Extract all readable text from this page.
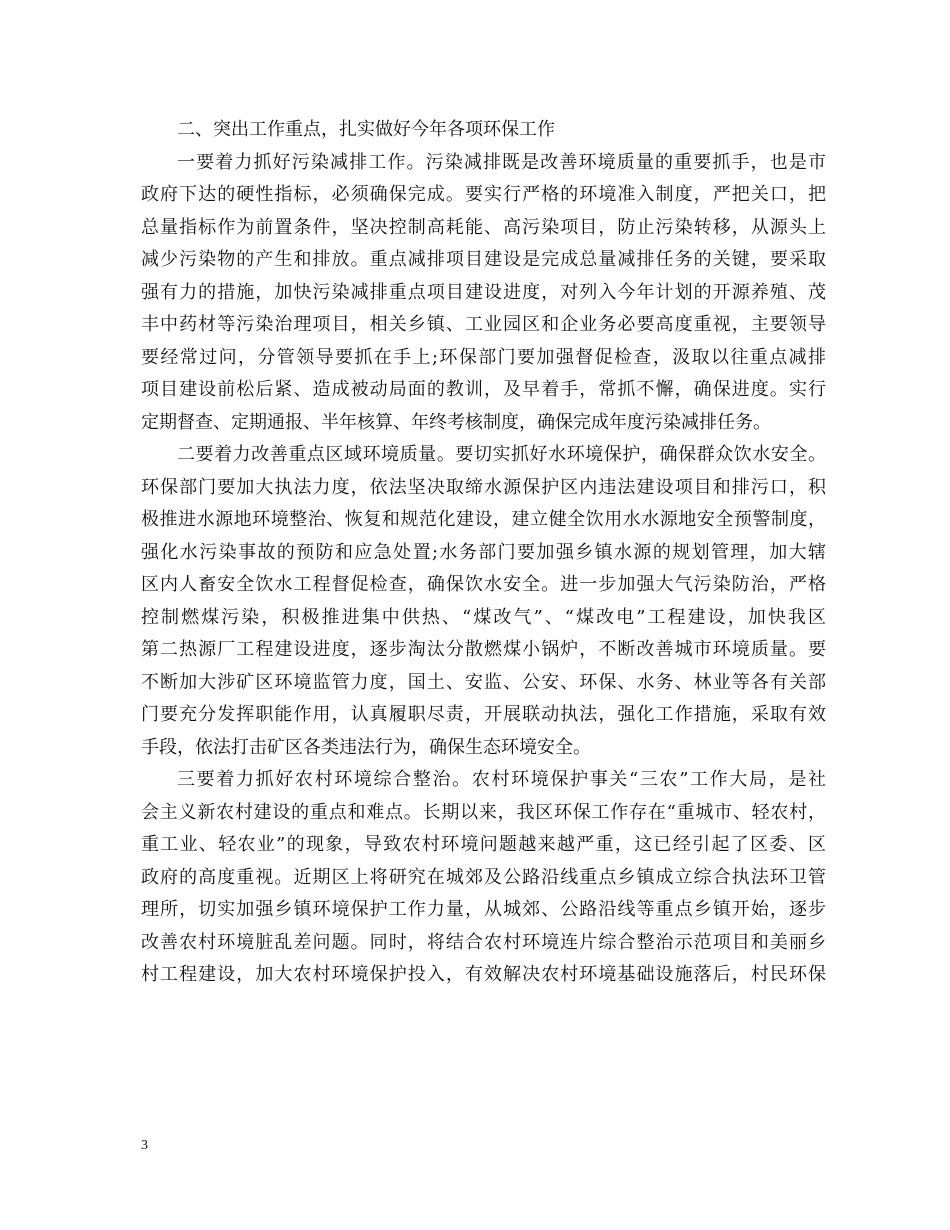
二、突出工作重点，扎实做好今年各项环保工作

一要着力抓好污染减排工作。污染减排既是改善环境质量的重要抓手，也是市

政府下达的硬性指标，必须确保完成。要实行严格的环境准入制度，严把关口，把

总量指标作为前置条件，坚决控制高耗能、高污染项目，防止污染转移，从源头上

减少污染物的产生和排放。重点减排项目建设是完成总量减排任务的关键，要采取

强有力的措施，加快污染减排重点项目建设进度，对列入今年计划的开源养殖、茂

丰中药材等污染治理项目，相关乡镇、工业园区和企业务必要高度重视，主要领导

要经常过问，分管领导要抓在手上;环保部门要加强督促检查，汲取以往重点减排

项目建设前松后紧、造成被动局面的教训，及早着手，常抓不懈，确保进度。实行

定期督查、定期通报、半年核算、年终考核制度，确保完成年度污染减排任务。

二要着力改善重点区域环境质量。要切实抓好水环境保护，确保群众饮水安全。

环保部门要加大执法力度，依法坚决取缔水源保护区内违法建设项目和排污口，积

极推进水源地环境整治、恢复和规范化建设，建立健全饮用水水源地安全预警制度，

强化水污染事故的预防和应急处置;水务部门要加强乡镇水源的规划管理，加大辖

区内人畜安全饮水工程督促检查，确保饮水安全。进一步加强大气污染防治，严格

控制燃煤污染，积极推进集中供热、“煤改气”、“煤改电”工程建设，加快我区

第二热源厂工程建设进度，逐步淘汰分散燃煤小锅炉，不断改善城市环境质量。要

不断加大涉矿区环境监管力度，国土、安监、公安、环保、水务、林业等各有关部

门要充分发挥职能作用，认真履职尽责，开展联动执法，强化工作措施，采取有效

手段，依法打击矿区各类违法行为，确保生态环境安全。

三要着力抓好农村环境综合整治。农村环境保护事关“三农”工作大局，是社

会主义新农村建设的重点和难点。长期以来，我区环保工作存在“重城市、轻农村，

重工业、轻农业”的现象，导致农村环境问题越来越严重，这已经引起了区委、区

政府的高度重视。近期区上将研究在城郊及公路沿线重点乡镇成立综合执法环卫管

理所，切实加强乡镇环境保护工作力量，从城郊、公路沿线等重点乡镇开始，逐步

改善农村环境脏乱差问题。同时，将结合农村环境连片综合整治示范项目和美丽乡

村工程建设，加大农村环境保护投入，有效解决农村环境基础设施落后，村民环保

3
